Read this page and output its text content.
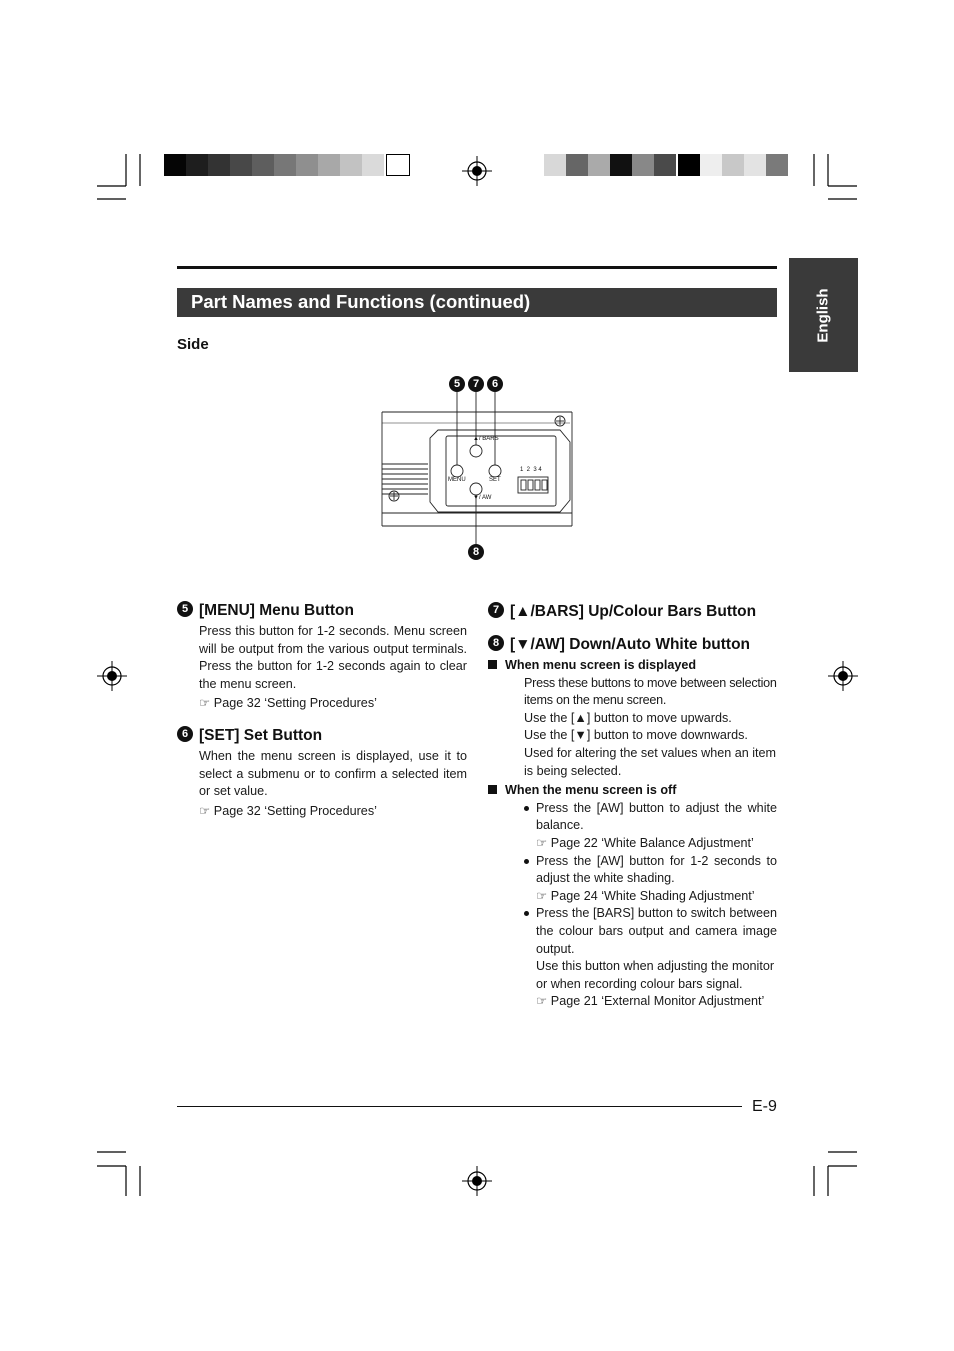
Part Names and Functions (continued)	English
Side
5	7	6
8
▲/ BARS
MENU	SET
▼/ AW
1  2  3 4
5 [MENU] Menu Button
Press this button for 1-2 seconds. Menu screen will be output from the various output terminals. Press the button for 1-2 seconds again to clear the menu screen.
☞ Page 32 ‘Setting Procedures’
6 [SET] Set Button
When the menu screen is displayed, use it to select a submenu or to confirm a selected item or set value.
☞ Page 32 ‘Setting Procedures’
7 [▲/BARS] Up/Colour Bars Button
8 [▼/AW] Down/Auto White button
When menu screen is displayed
Press these buttons to move between selection items on the menu screen.
Use the [▲] button to move upwards.
Use the [▼] button to move downwards.
Used for altering the set values when an item is being selected.
When the menu screen is off
Press the [AW] button to adjust the white balance.
☞ Page 22 ‘White Balance Adjustment’
Press the [AW] button for 1-2 seconds to adjust the white shading.
☞ Page 24 ‘White Shading Adjustment’
Press the [BARS] button to switch between the colour bars output and camera image output.
Use this button when adjusting the monitor or when recording colour bars signal.
☞ Page 21 ‘External Monitor Adjustment’
E-9
